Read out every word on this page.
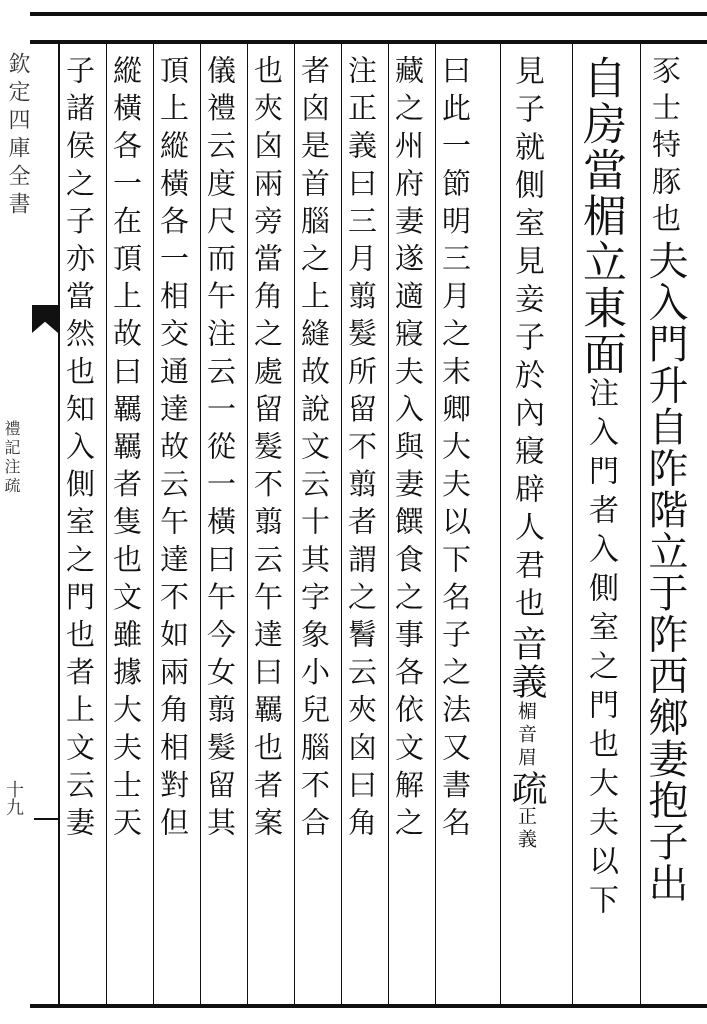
欽定四庫全書
禮記注疏
十九
豕士特豚也夫入門升自阼階立于阼西鄉妻抱子出
自房當楣立東面注入門者入側室之門也大夫以下
見子就側室見妾子於內寢辟人君也音義楣音眉疏正義
曰此一節明三月之末卿大夫以下名子之法又書名
藏之州府妻遂適寢夫入與妻饌食之事各依文解之
注正義曰三月翦髮所留不翦者謂之鬌云夾囟曰角
者囟是首腦之上縫故說文云十其字象小兒腦不合
也夾囟兩旁當角之處留髮不翦云午達曰羈也者案
儀禮云度尺而午注云一從一橫曰午今女翦髮留其
頂上縱橫各一相交通達故云午達不如兩角相對但
縱橫各一在頂上故曰羈羈者隻也文雖據大夫士天
子諸侯之子亦當然也知入側室之門也者上文云妻
